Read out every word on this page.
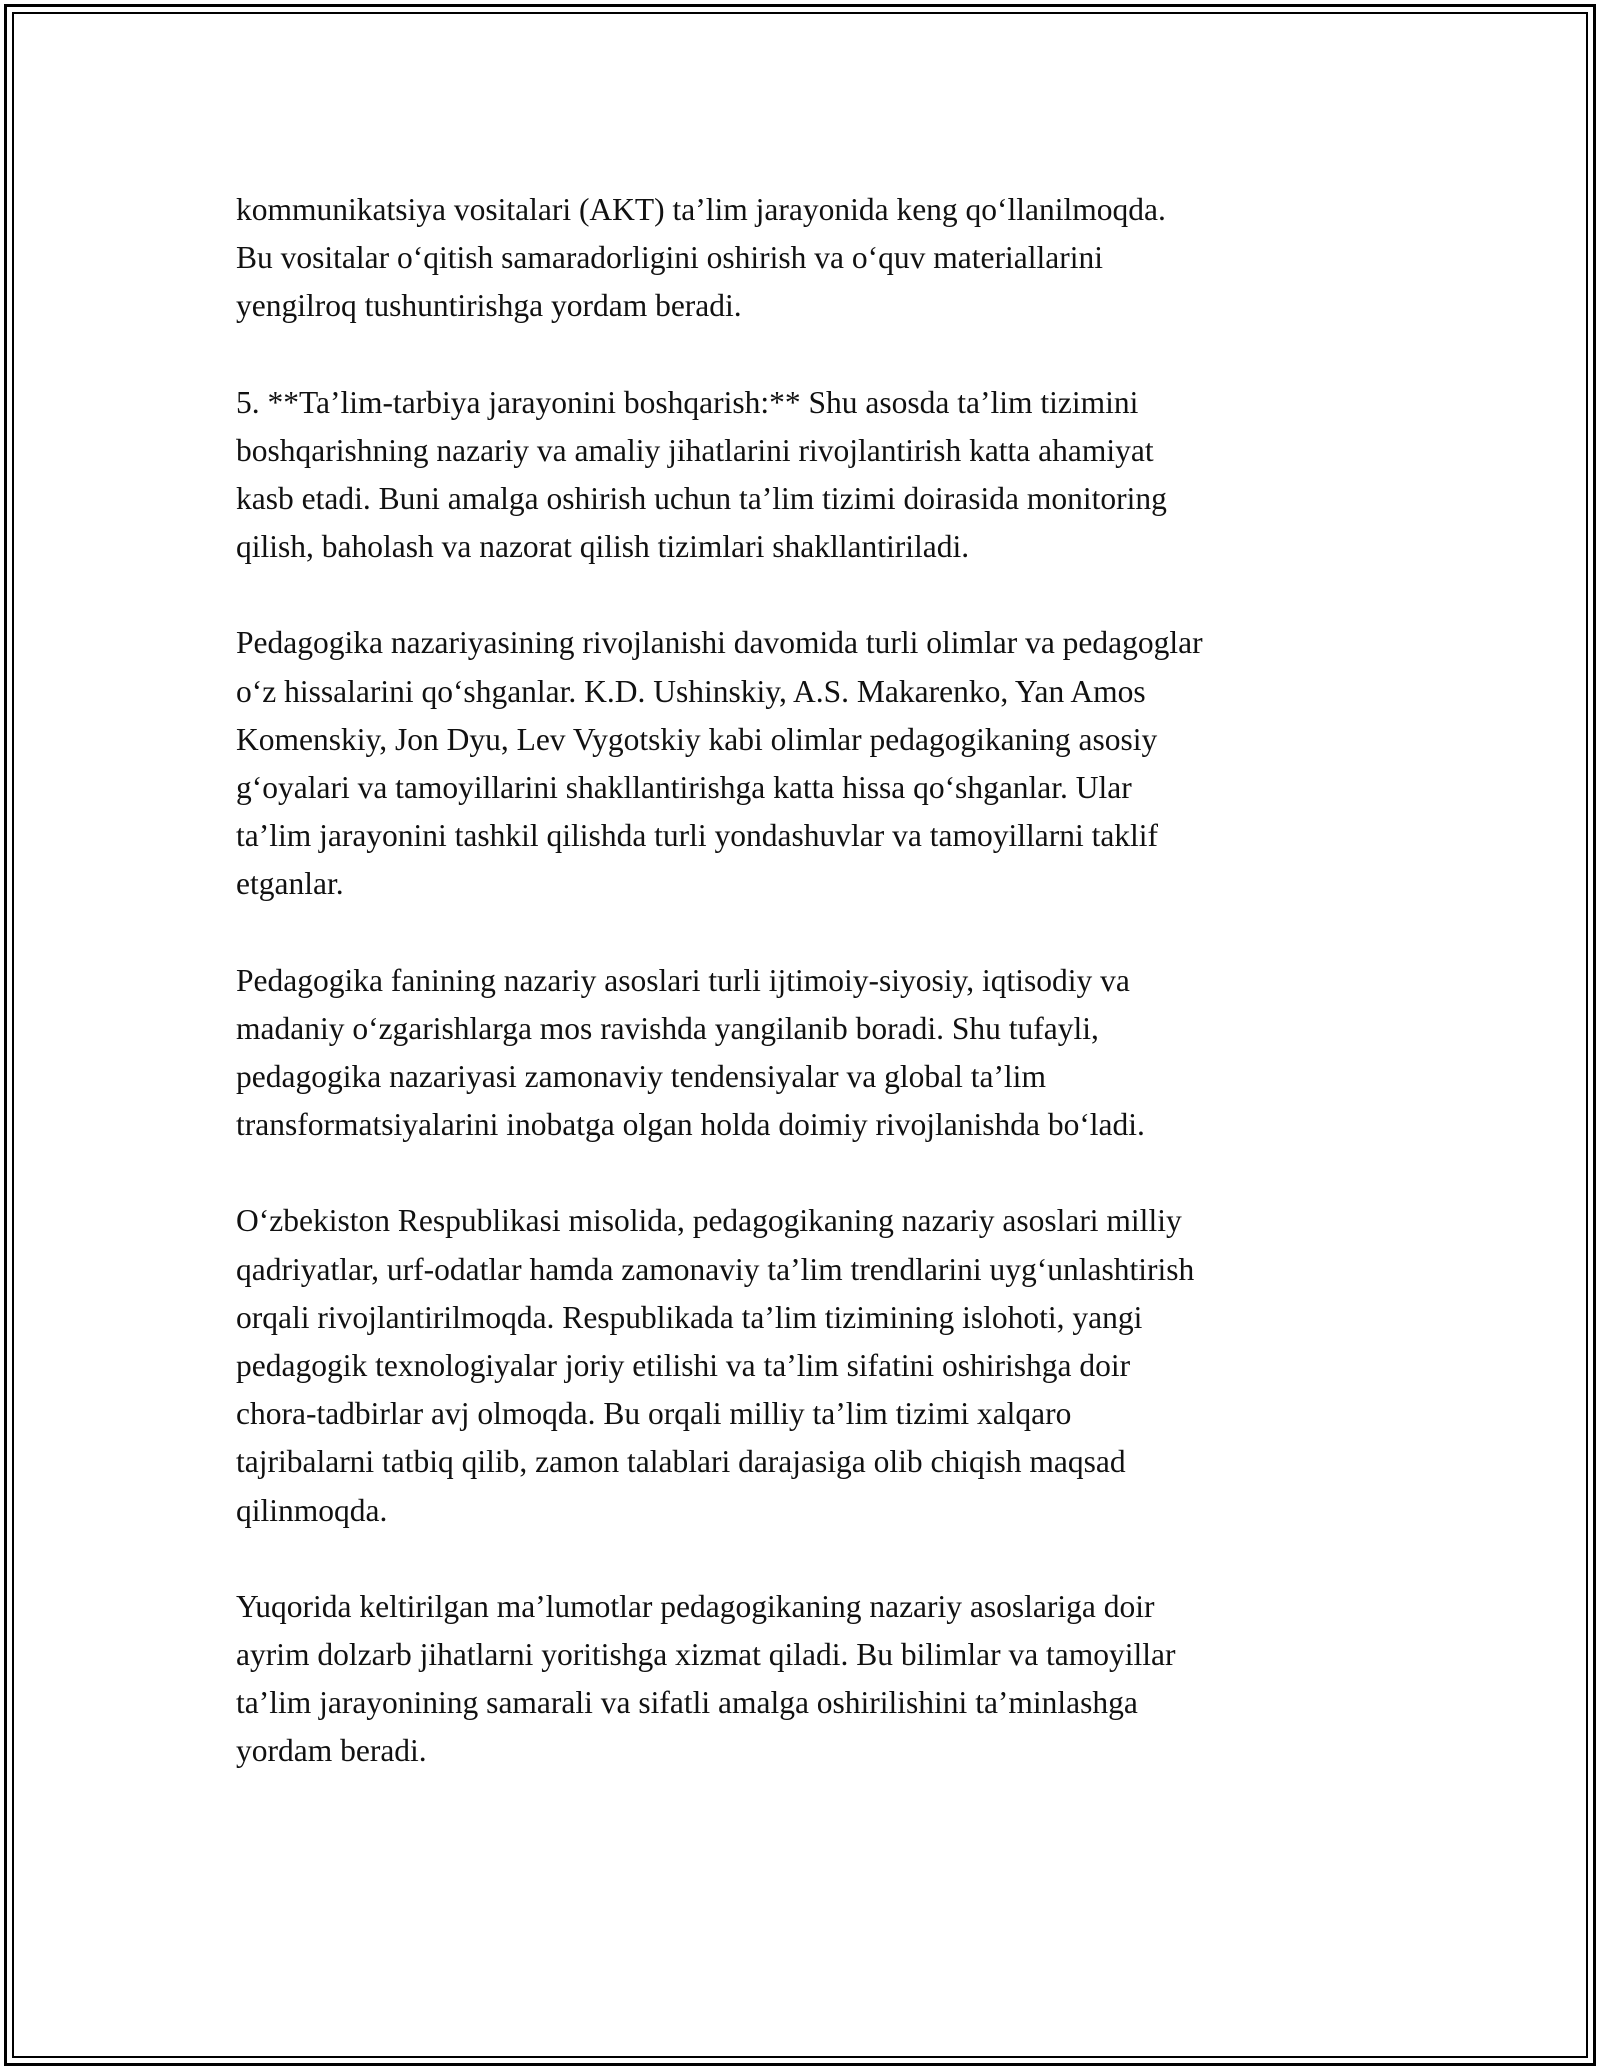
kommunikatsiya vositalari (AKT) ta’lim jarayonida keng qo‘llanilmoqda.
Bu vositalar o‘qitish samaradorligini oshirish va o‘quv materiallarini
yengilroq tushuntirishga yordam beradi.

5. **Ta’lim-tarbiya jarayonini boshqarish:** Shu asosda ta’lim tizimini
boshqarishning nazariy va amaliy jihatlarini rivojlantirish katta ahamiyat
kasb etadi. Buni amalga oshirish uchun ta’lim tizimi doirasida monitoring
qilish, baholash va nazorat qilish tizimlari shakllantiriladi.

Pedagogika nazariyasining rivojlanishi davomida turli olimlar va pedagoglar
o‘z hissalarini qo‘shganlar. K.D. Ushinskiy, A.S. Makarenko, Yan Amos
Komenskiy, Jon Dyu, Lev Vygotskiy kabi olimlar pedagogikaning asosiy
g‘oyalari va tamoyillarini shakllantirishga katta hissa qo‘shganlar. Ular
ta’lim jarayonini tashkil qilishda turli yondashuvlar va tamoyillarni taklif
etganlar.

Pedagogika fanining nazariy asoslari turli ijtimoiy-siyosiy, iqtisodiy va
madaniy o‘zgarishlarga mos ravishda yangilanib boradi. Shu tufayli,
pedagogika nazariyasi zamonaviy tendensiyalar va global ta’lim
transformatsiyalarini inobatga olgan holda doimiy rivojlanishda bo‘ladi.

O‘zbekiston Respublikasi misolida, pedagogikaning nazariy asoslari milliy
qadriyatlar, urf-odatlar hamda zamonaviy ta’lim trendlarini uyg‘unlashtirish
orqali rivojlantirilmoqda. Respublikada ta’lim tizimining islohoti, yangi
pedagogik texnologiyalar joriy etilishi va ta’lim sifatini oshirishga doir
chora-tadbirlar avj olmoqda. Bu orqali milliy ta’lim tizimi xalqaro
tajribalarni tatbiq qilib, zamon talablari darajasiga olib chiqish maqsad
qilinmoqda.

Yuqorida keltirilgan ma’lumotlar pedagogikaning nazariy asoslariga doir
ayrim dolzarb jihatlarni yoritishga xizmat qiladi. Bu bilimlar va tamoyillar
ta’lim jarayonining samarali va sifatli amalga oshirilishini ta’minlashga
yordam beradi.
